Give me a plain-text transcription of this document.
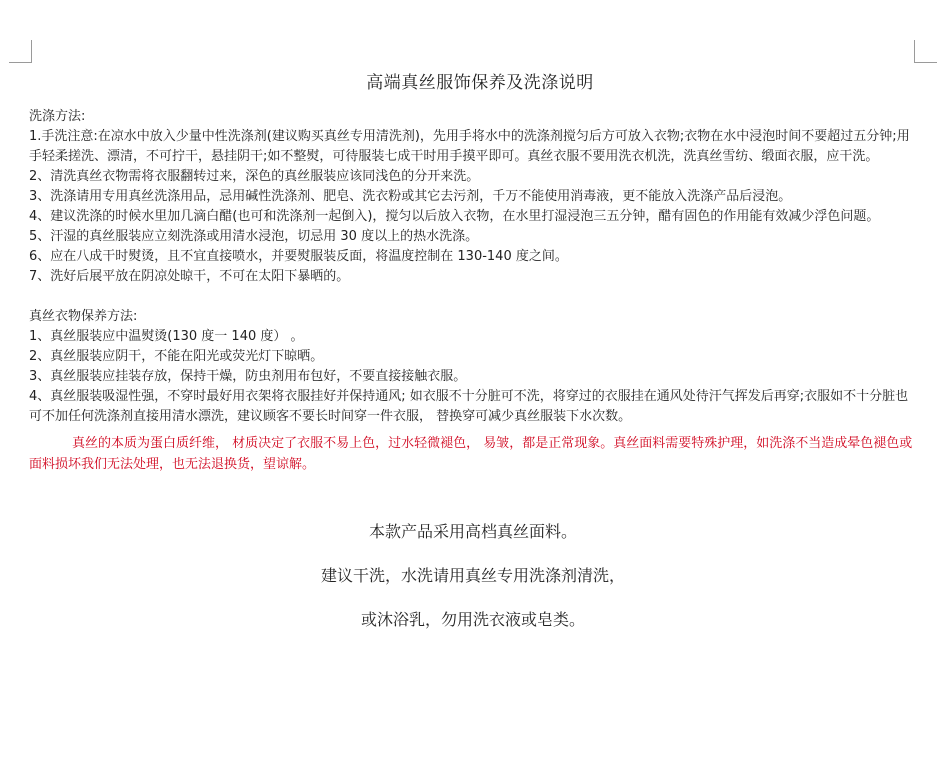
高端真丝服饰保养及洗涤说明
洗涤方法:
1.手洗注意:在凉水中放入少量中性洗涤剂(建议购买真丝专用清洗剂)，先用手将水中的洗涤剂搅匀后方可放入衣物;衣物在水中浸泡时间不要超过五分钟;用手轻柔搓洗、漂清，不可拧干，悬挂阴干;如不整熨，可待服装七成干时用手摸平即可。真丝衣服不要用洗衣机洗，洗真丝雪纺、缎面衣服，应干洗。
2、清洗真丝衣物需将衣服翻转过来，深色的真丝服装应该同浅色的分开来洗。
3、洗涤请用专用真丝洗涤用品，忌用碱性洗涤剂、肥皂、洗衣粉或其它去污剂，千万不能使用消毒液，更不能放入洗涤产品后浸泡。
4、建议洗涤的时候水里加几滴白醋(也可和洗涤剂一起倒入)，搅匀以后放入衣物，在水里打湿浸泡三五分钟，醋有固色的作用能有效减少浮色问题。
5、汗湿的真丝服装应立刻洗涤或用清水浸泡，切忌用 30 度以上的热水洗涤。
6、应在八成干时熨烫，且不宜直接喷水，并要熨服装反面，将温度控制在 130-140 度之间。
7、洗好后展平放在阴凉处晾干，不可在太阳下暴晒的。
真丝衣物保养方法:
1、真丝服装应中温熨烫(130 度一 140 度） 。
2、真丝服装应阴干，不能在阳光或荧光灯下晾晒。
3、真丝服装应挂装存放，保持干燥，防虫剂用布包好，不要直接接触衣服。
4、真丝服装吸湿性强，不穿时最好用衣架将衣服挂好并保持通风; 如衣服不十分脏可不洗，将穿过的衣服挂在通风处待汗气挥发后再穿;衣服如不十分脏也可不加任何洗涤剂直接用清水漂洗，建议顾客不要长时间穿一件衣服， 替换穿可减少真丝服装下水次数。
真丝的本质为蛋白质纤维， 材质决定了衣服不易上色，过水轻微褪色， 易皱，都是正常现象。真丝面料需要特殊护理，如洗涤不当造成晕色褪色或面料损坏我们无法处理，也无法退换货，望谅解。
本款产品采用高档真丝面料。
建议干洗，水洗请用真丝专用洗涤剂清洗，
或沐浴乳，勿用洗衣液或皂类。
